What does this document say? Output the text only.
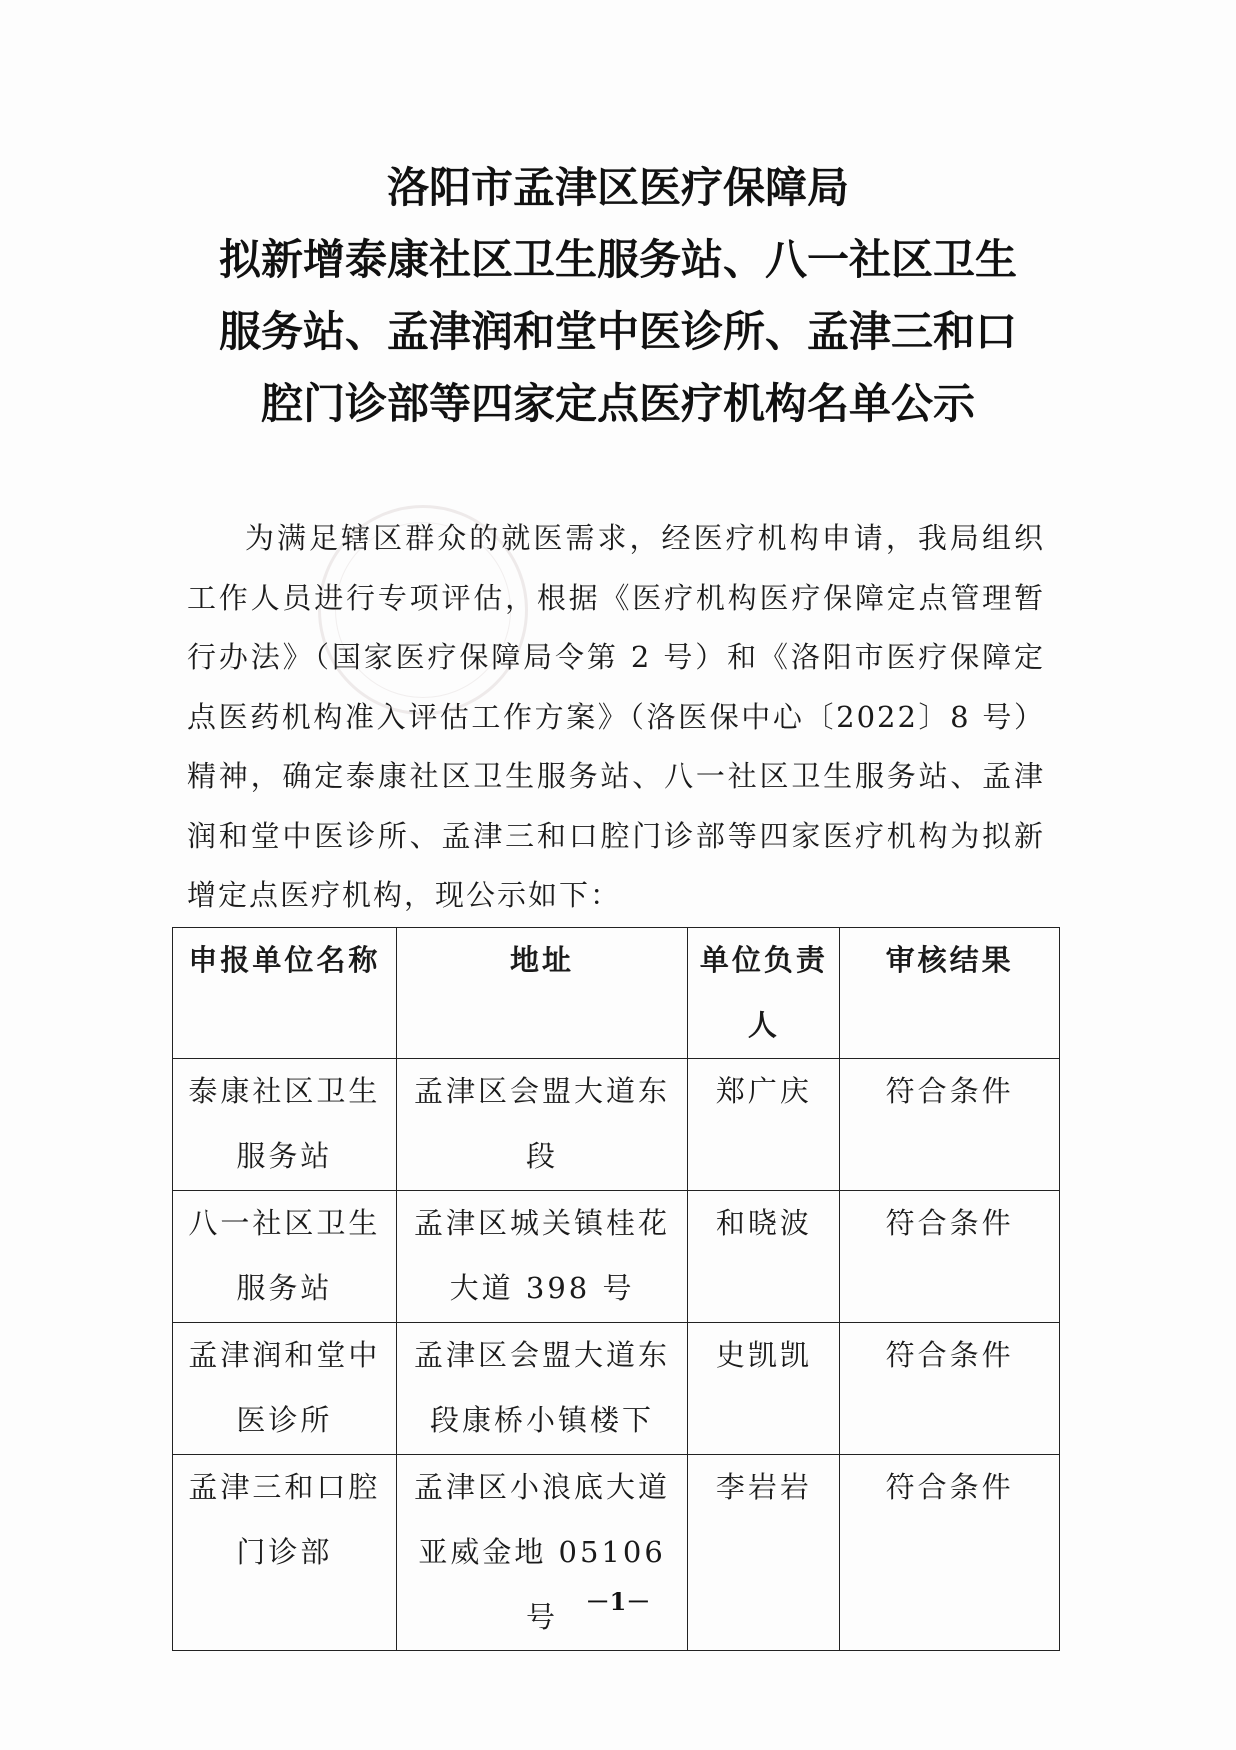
洛阳市孟津区医疗保障局
拟新增泰康社区卫生服务站、八一社区卫生
服务站、孟津润和堂中医诊所、孟津三和口
腔门诊部等四家定点医疗机构名单公示

为满足辖区群众的就医需求，经医疗机构申请，我局组织工作人员进行专项评估，根据《医疗机构医疗保障定点管理暂行办法》（国家医疗保障局令第 2 号）和《洛阳市医疗保障定点医药机构准入评估工作方案》（洛医保中心〔2022〕8 号）精神，确定泰康社区卫生服务站、八一社区卫生服务站、孟津润和堂中医诊所、孟津三和口腔门诊部等四家医疗机构为拟新增定点医疗机构，现公示如下：

申报单位名称	地址	单位负责人	审核结果
泰康社区卫生服务站	孟津区会盟大道东段	郑广庆	符合条件
八一社区卫生服务站	孟津区城关镇桂花大道 398 号	和晓波	符合条件
孟津润和堂中医诊所	孟津区会盟大道东段康桥小镇楼下	史凯凯	符合条件
孟津三和口腔门诊部	孟津区小浪底大道亚威金地 05106 号	李岩岩	符合条件
－1－
